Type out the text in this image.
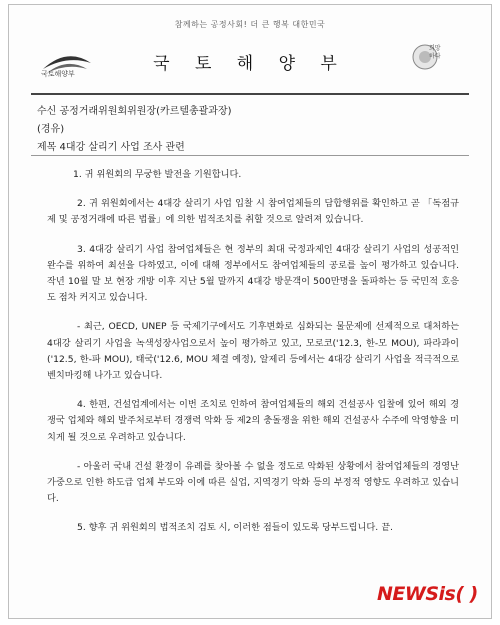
참께하는 공정사회! 더 큰 행복 대한민국
국토해양부	국 토 해 양 부
희망
하다
수신 공정거래위원회위원장(카르텔총괄과장)
(경유)
제목 4대강 살리기 사업 조사 관련

1. 귀 위원회의 무궁한 발전을 기원합니다.

2. 귀 위원회에서는 4대강 살리기 사업 입찰 시 참여업체들의 담합행위를 확인하고 곧 「독점규제 및 공정거래에 따른 법률」에 의한 법적조치를 취할 것으로 알려져 있습니다.

3. 4대강 살리기 사업 참여업체들은 현 정부의 최대 국정과제인 4대강 살리기 사업의 성공적인 완수를 위하여 최선을 다하였고, 이에 대해 정부에서도 참여업체들의 공로를 높이 평가하고 있습니다. 작년 10월 말 보 현장 개방 이후 지난 5월 말까지 4대강 방문객이 500만명을 돌파하는 등 국민적 호응도 점차 커지고 있습니다.

- 최근, OECD, UNEP 등 국제기구에서도 기후변화로 심화되는 물문제에 선제적으로 대처하는 4대강 살리기 사업을 녹색성장사업으로서 높이 평가하고 있고, 모로코('12.3, 한-모 MOU), 파라과이('12.5, 한-파 MOU), 태국('12.6, MOU 체결 예정), 알제리 등에서는 4대강 살리기 사업을 적극적으로 벤치마킹해 나가고 있습니다.

4. 한편, 건설업계에서는 이번 조치로 인하여 참여업체들의 해외 건설공사 입찰에 있어 해외 경쟁국 업체와 해외 발주처로부터 경쟁력 악화 등 제2의 충돌쟁을 위한 해외 건설공사 수주에 악영향을 미치게 될 것으로 우려하고 있습니다.

- 아울러 국내 건설 환경이 유례를 찾아볼 수 없을 정도로 악화된 상황에서 참여업체들의 경영난 가중으로 인한 하도급 업체 부도와 이에 따른 실업, 지역경기 악화 등의 부정적 영향도 우려하고 있습니다.

5. 향후 귀 위원회의 법적조치 검토 시, 이러한 점들이 있도록 당부드립니다. 끝.

NEWSis( )
